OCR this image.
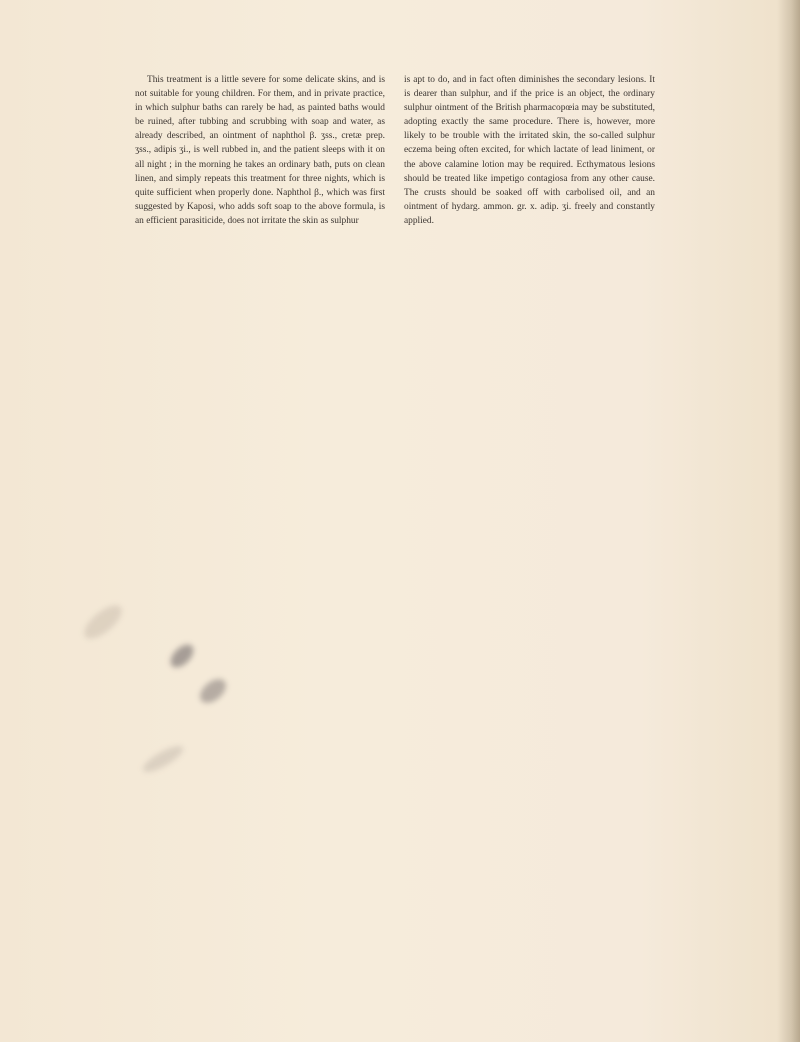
This treatment is a little severe for some delicate skins, and is not suitable for young children. For them, and in private practice, in which sulphur baths can rarely be had, as painted baths would be ruined, after tubbing and scrubbing with soap and water, as already described, an ointment of naphthol β. ʒss., cretæ prep. ʒss., adipis ʒi., is well rubbed in, and the patient sleeps with it on all night ; in the morning he takes an ordinary bath, puts on clean linen, and simply repeats this treatment for three nights, which is quite sufficient when properly done. Naphthol β., which was first suggested by Kaposi, who adds soft soap to the above formula, is an efficient parasiticide, does not irritate the skin as sulphur

is apt to do, and in fact often diminishes the secondary lesions. It is dearer than sulphur, and if the price is an object, the ordinary sulphur ointment of the British pharmacopœia may be substituted, adopting exactly the same procedure. There is, however, more likely to be trouble with the irritated skin, the so-called sulphur eczema being often excited, for which lactate of lead liniment, or the above calamine lotion may be required. Ecthymatous lesions should be treated like impetigo contagiosa from any other cause. The crusts should be soaked off with carbolised oil, and an ointment of hydarg. ammon. gr. x. adip. ʒi. freely and constantly applied.
